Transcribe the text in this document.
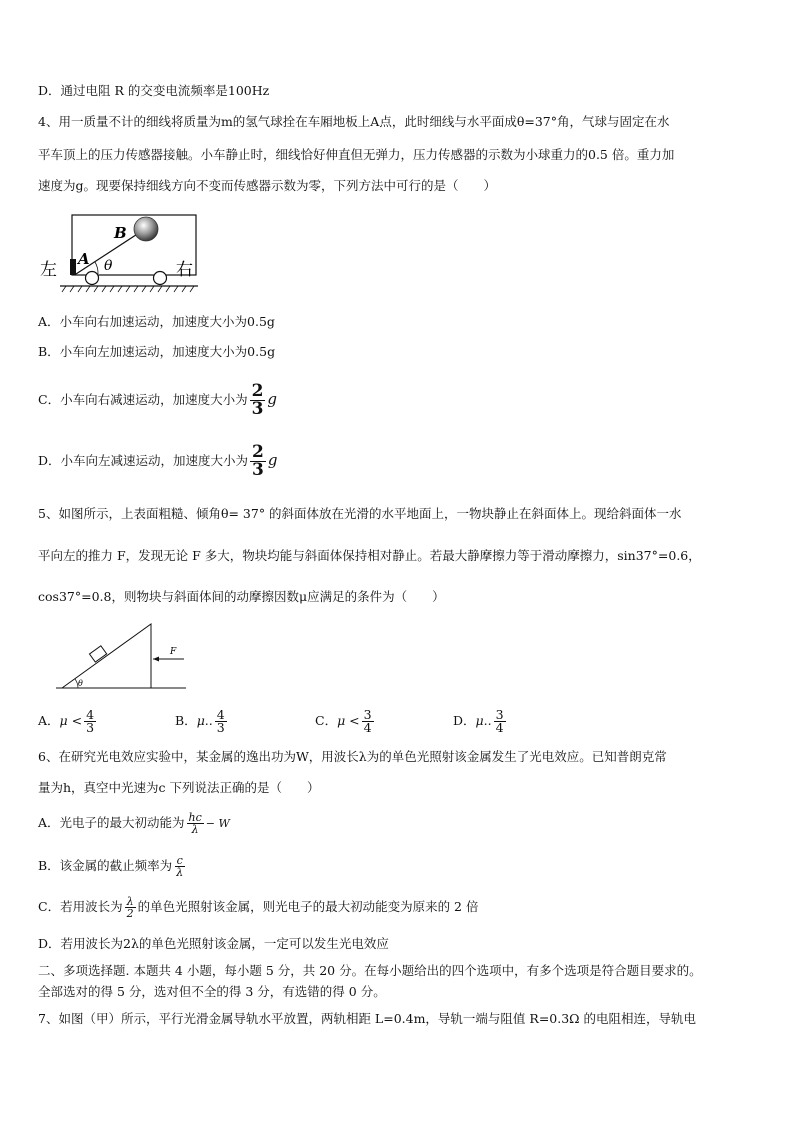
D．通过电阻 R 的交变电流频率是100Hz
4、用一质量不计的细线将质量为m的氢气球拴在车厢地板上A点，此时细线与水平面成θ=37°角，气球与固定在水
平车顶上的压力传感器接触。小车静止时，细线恰好伸直但无弹力，压力传感器的示数为小球重力的0.5 倍。重力加
速度为g。现要保持细线方向不变而传感器示数为零，下列方法中可行的是（　　）
左	右
A
B
θ
A．小车向右加速运动，加速度大小为0.5g
B．小车向左加速运动，加速度大小为0.5g
C．小车向右减速运动，加速度大小为 $\frac{2}{3}$ g
D．小车向左减速运动，加速度大小为 $\frac{2}{3}$ g
5、如图所示，上表面粗糙、倾角θ= 37° 的斜面体放在光滑的水平地面上，一物块静止在斜面体上。现给斜面体一水
平向左的推力 F，发现无论 F 多大，物块均能与斜面体保持相对静止。若最大静摩擦力等于滑动摩擦力，sin37°=0.6，
cos37°=0.8，则物块与斜面体间的动摩擦因数μ应满足的条件为（　　）
F
θ
A．$\mu < \frac{4}{3}$	B．μ.. $\frac{4}{3}$	C．$\mu < \frac{3}{4}$	D．μ.. $\frac{3}{4}$
6、在研究光电效应实验中，某金属的逸出功为W，用波长λ为的单色光照射该金属发生了光电效应。已知普朗克常
量为h，真空中光速为c 下列说法正确的是（　　）
A．光电子的最大初动能为 $\frac{hc}{\lambda} - W$
B．该金属的截止频率为 $\frac{c}{\lambda}$
C．若用波长为 $\frac{\lambda}{2}$ 的单色光照射该金属，则光电子的最大初动能变为原来的 2 倍
D．若用波长为2λ的单色光照射该金属，一定可以发生光电效应
二、多项选择题. 本题共 4 小题，每小题 5 分，共 20 分。在每小题给出的四个选项中，有多个选项是符合题目要求的。
全部选对的得 5 分，选对但不全的得 3 分，有选错的得 0 分。
7、如图（甲）所示，平行光滑金属导轨水平放置，两轨相距 L=0.4m，导轨一端与阻值 R=0.3Ω 的电阻相连，导轨电
